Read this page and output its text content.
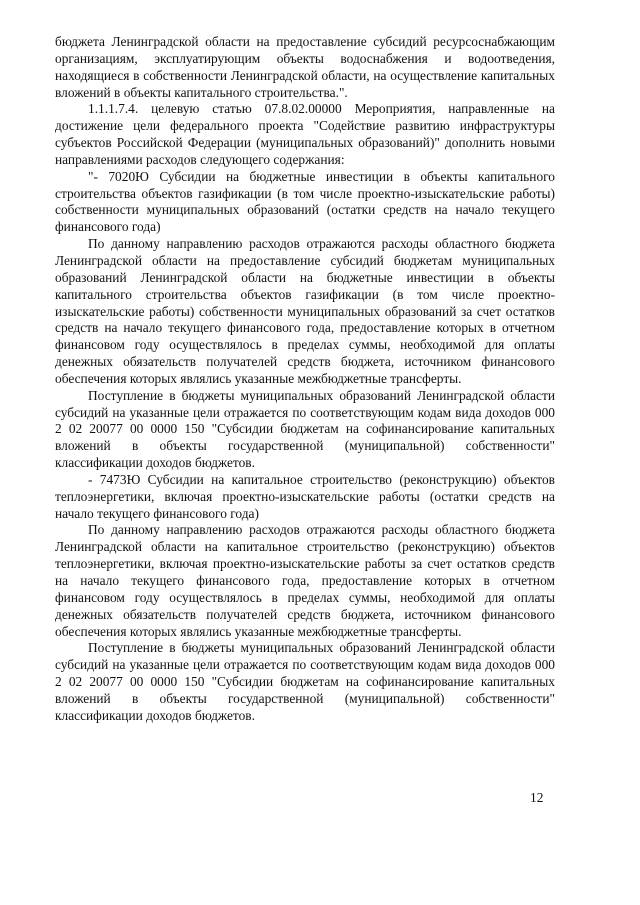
бюджета Ленинградской области на предоставление субсидий ресурсоснабжающим организациям, эксплуатирующим объекты водоснабжения и водоотведения, находящиеся в собственности Ленинградской области, на осуществление капитальных вложений в объекты капитального строительства.".

1.1.1.7.4. целевую статью 07.8.02.00000 Мероприятия, направленные на достижение цели федерального проекта "Содействие развитию инфраструктуры субъектов Российской Федерации (муниципальных образований)" дополнить новыми направлениями расходов следующего содержания:

"- 7020Ю Субсидии на бюджетные инвестиции в объекты капитального строительства объектов газификации (в том числе проектно-изыскательские работы) собственности муниципальных образований (остатки средств на начало текущего финансового года)

По данному направлению расходов отражаются расходы областного бюджета Ленинградской области на предоставление субсидий бюджетам муниципальных образований Ленинградской области на бюджетные инвестиции в объекты капитального строительства объектов газификации (в том числе проектно-изыскательские работы) собственности муниципальных образований за счет остатков средств на начало текущего финансового года, предоставление которых в отчетном финансовом году осуществлялось в пределах суммы, необходимой для оплаты денежных обязательств получателей средств бюджета, источником финансового обеспечения которых являлись указанные межбюджетные трансферты.

Поступление в бюджеты муниципальных образований Ленинградской области субсидий на указанные цели отражается по соответствующим кодам вида доходов 000 2 02 20077 00 0000 150 "Субсидии бюджетам на софинансирование капитальных вложений в объекты государственной (муниципальной) собственности" классификации доходов бюджетов.

- 7473Ю Субсидии на капитальное строительство (реконструкцию) объектов теплоэнергетики, включая проектно-изыскательские работы (остатки средств на начало текущего финансового года)

По данному направлению расходов отражаются расходы областного бюджета Ленинградской области на капитальное строительство (реконструкцию) объектов теплоэнергетики, включая проектно-изыскательские работы за счет остатков средств на начало текущего финансового года, предоставление которых в отчетном финансовом году осуществлялось в пределах суммы, необходимой для оплаты денежных обязательств получателей средств бюджета, источником финансового обеспечения которых являлись указанные межбюджетные трансферты.

Поступление в бюджеты муниципальных образований Ленинградской области субсидий на указанные цели отражается по соответствующим кодам вида доходов 000 2 02 20077 00 0000 150 "Субсидии бюджетам на софинансирование капитальных вложений в объекты государственной (муниципальной) собственности" классификации доходов бюджетов.

12
